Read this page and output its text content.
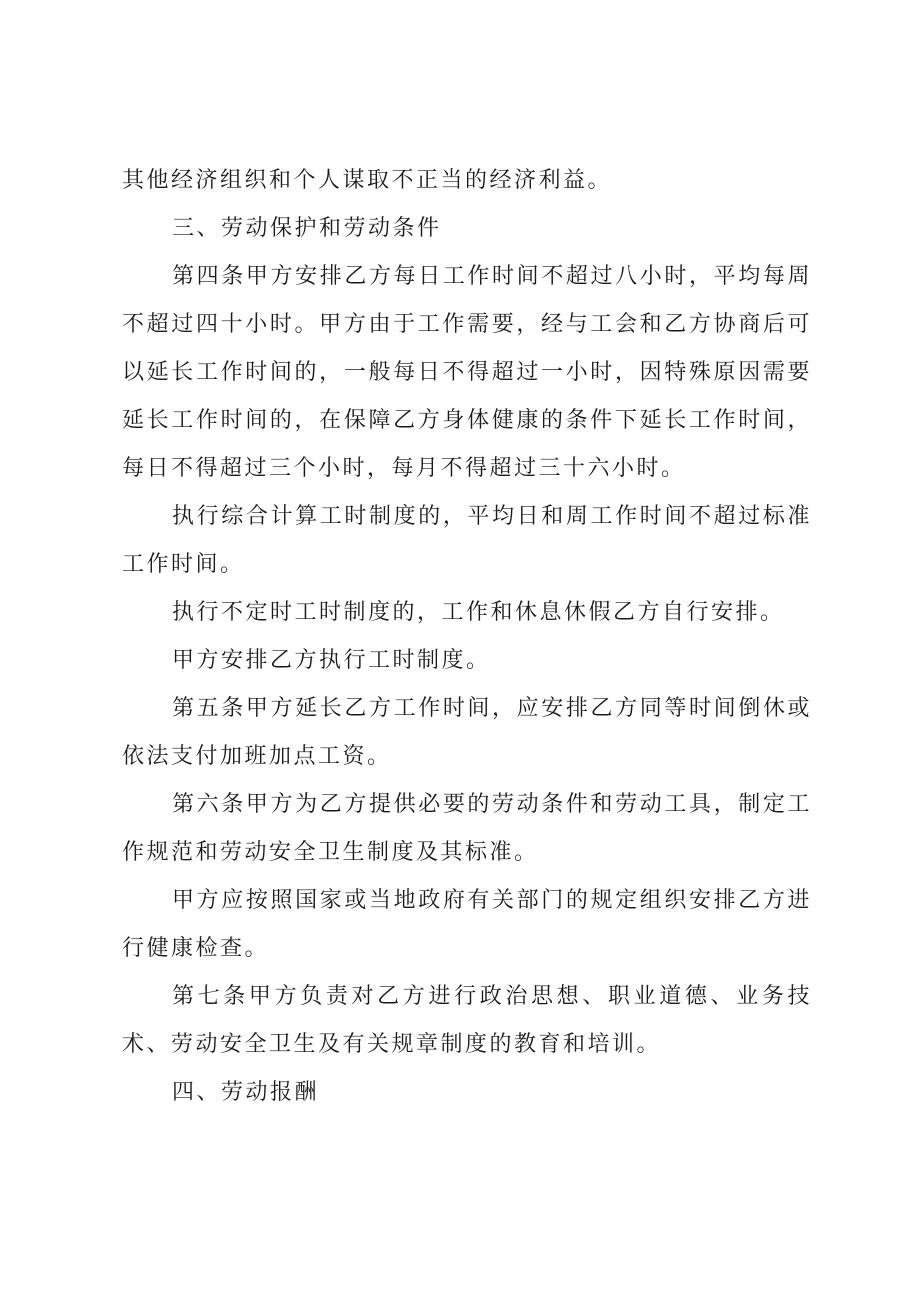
其他经济组织和个人谋取不正当的经济利益。

三、劳动保护和劳动条件

第四条甲方安排乙方每日工作时间不超过八小时，平均每周不超过四十小时。甲方由于工作需要，经与工会和乙方协商后可以延长工作时间的，一般每日不得超过一小时，因特殊原因需要延长工作时间的，在保障乙方身体健康的条件下延长工作时间，每日不得超过三个小时，每月不得超过三十六小时。

执行综合计算工时制度的，平均日和周工作时间不超过标准工作时间。

执行不定时工时制度的，工作和休息休假乙方自行安排。

甲方安排乙方执行工时制度。

第五条甲方延长乙方工作时间，应安排乙方同等时间倒休或依法支付加班加点工资。

第六条甲方为乙方提供必要的劳动条件和劳动工具，制定工作规范和劳动安全卫生制度及其标准。

甲方应按照国家或当地政府有关部门的规定组织安排乙方进行健康检查。

第七条甲方负责对乙方进行政治思想、职业道德、业务技术、劳动安全卫生及有关规章制度的教育和培训。

四、劳动报酬
